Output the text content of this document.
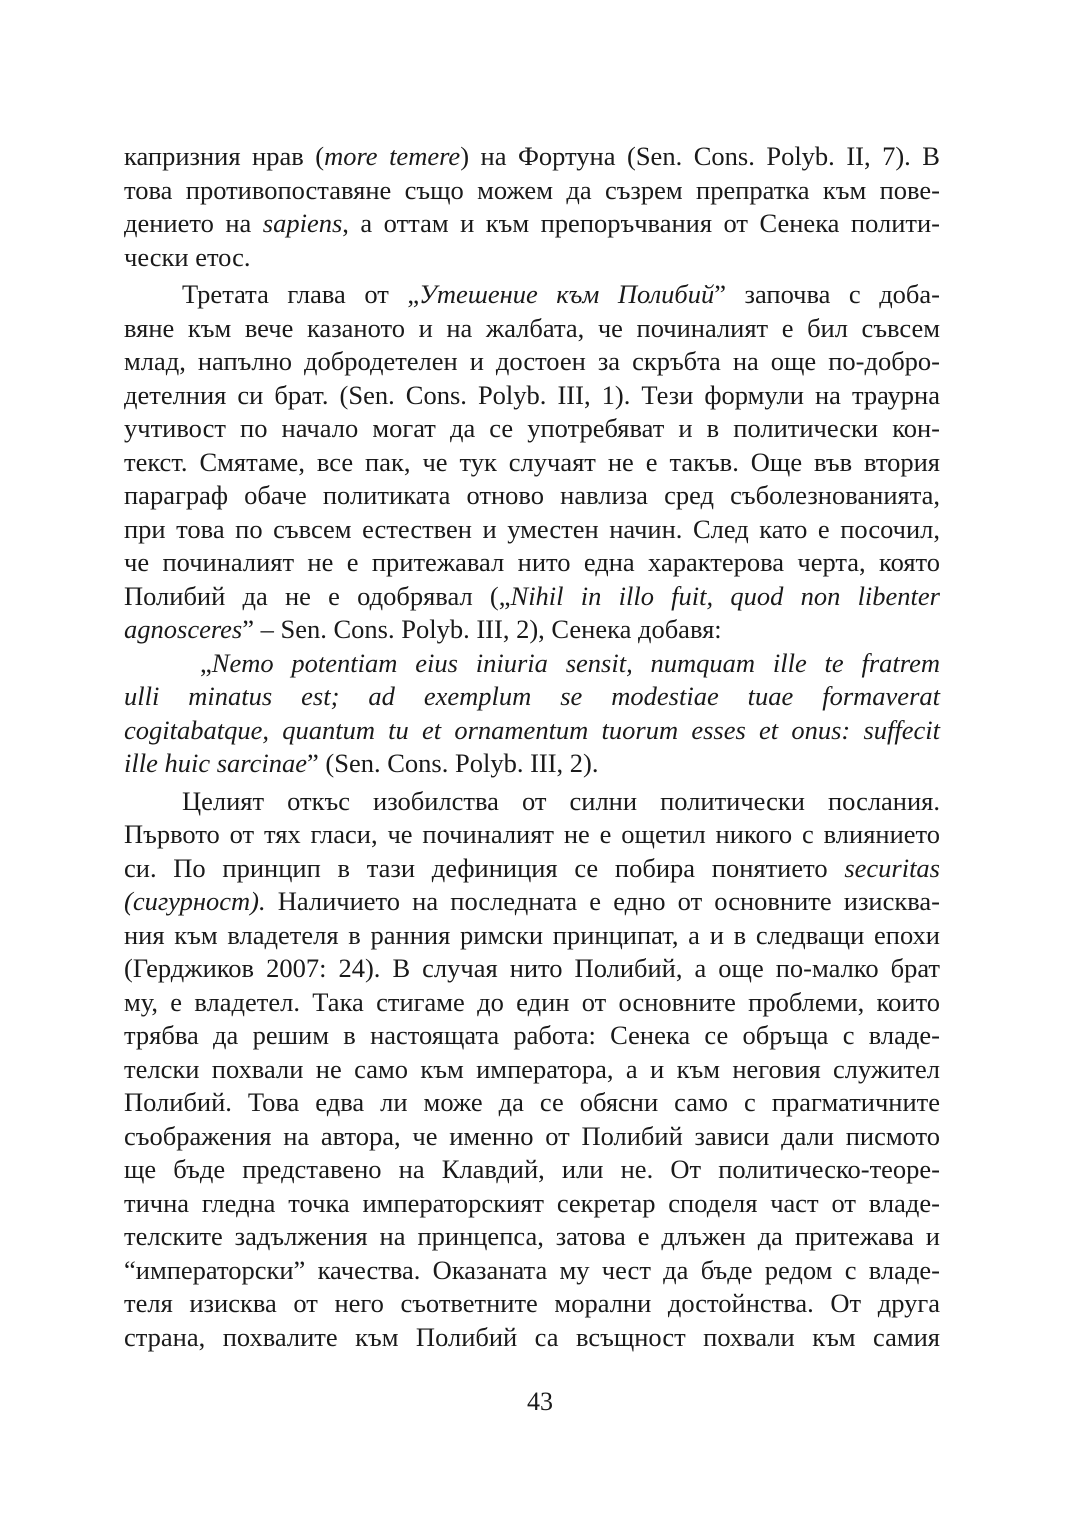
капризния нрав (more temere) на Фортуна (Sen. Cons. Polyb. II, 7). В
това противопоставяне също можем да съзрем препратка към пове-
дението на sapiens, а оттам и към препоръчвания от Сенека полити-
чески етос.
Третата глава от „Утешение към Полибий” започва с доба-
вяне към вече казаното и на жалбата, че починалият е бил съвсем
млад, напълно добродетелен и достоен за скръбта на още по-добро-
детелния си брат. (Sen. Cons. Polyb. III, 1). Тези формули на траурна
учтивост по начало могат да се употребяват и в политически кон-
текст. Смятаме, все пак, че тук случаят не е такъв. Още във втория
параграф обаче политиката отново навлиза сред съболезнованията,
при това по съвсем естествен и уместен начин. След като е посочил,
че починалият не е притежавал нито една характерова черта, която
Полибий да не е одобрявал („Nihil in illo fuit, quod non libenter
agnosceres” – Sen. Cons. Polyb. III, 2), Сенека добавя:
„Nemo potentiam eius iniuria sensit, numquam ille te fratrem
ulli minatus est; ad exemplum se modestiae tuae formaverat
cogitabatque, quantum tu et ornamentum tuorum esses et onus: suffecit
ille huic sarcinae” (Sen. Cons. Polyb. III, 2).
Целият откъс изобилства от силни политически послания.
Първото от тях гласи, че починалият не е ощетил никого с влиянието
си. По принцип в тази дефиниция се побира понятието securitas
(сигурност). Наличието на последната е едно от основните изисква-
ния към владетеля в ранния римски принципат, а и в следващи епохи
(Герджиков 2007: 24). В случая нито Полибий, а още по-малко брат
му, е владетел. Така стигаме до един от основните проблеми, които
трябва да решим в настоящата работа: Сенека се обръща с владе-
телски похвали не само към императора, а и към неговия служител
Полибий. Това едва ли може да се обясни само с прагматичните
съображения на автора, че именно от Полибий зависи дали писмото
ще бъде представено на Клавдий, или не. От политическо-теоре-
тична гледна точка императорският секретар споделя част от владе-
телските задължения на принцепса, затова е длъжен да притежава и
“императорски” качества. Оказаната му чест да бъде редом с владе-
теля изисква от него съответните морални достойнства. От друга
страна, похвалите към Полибий са всъщност похвали към самия
43
